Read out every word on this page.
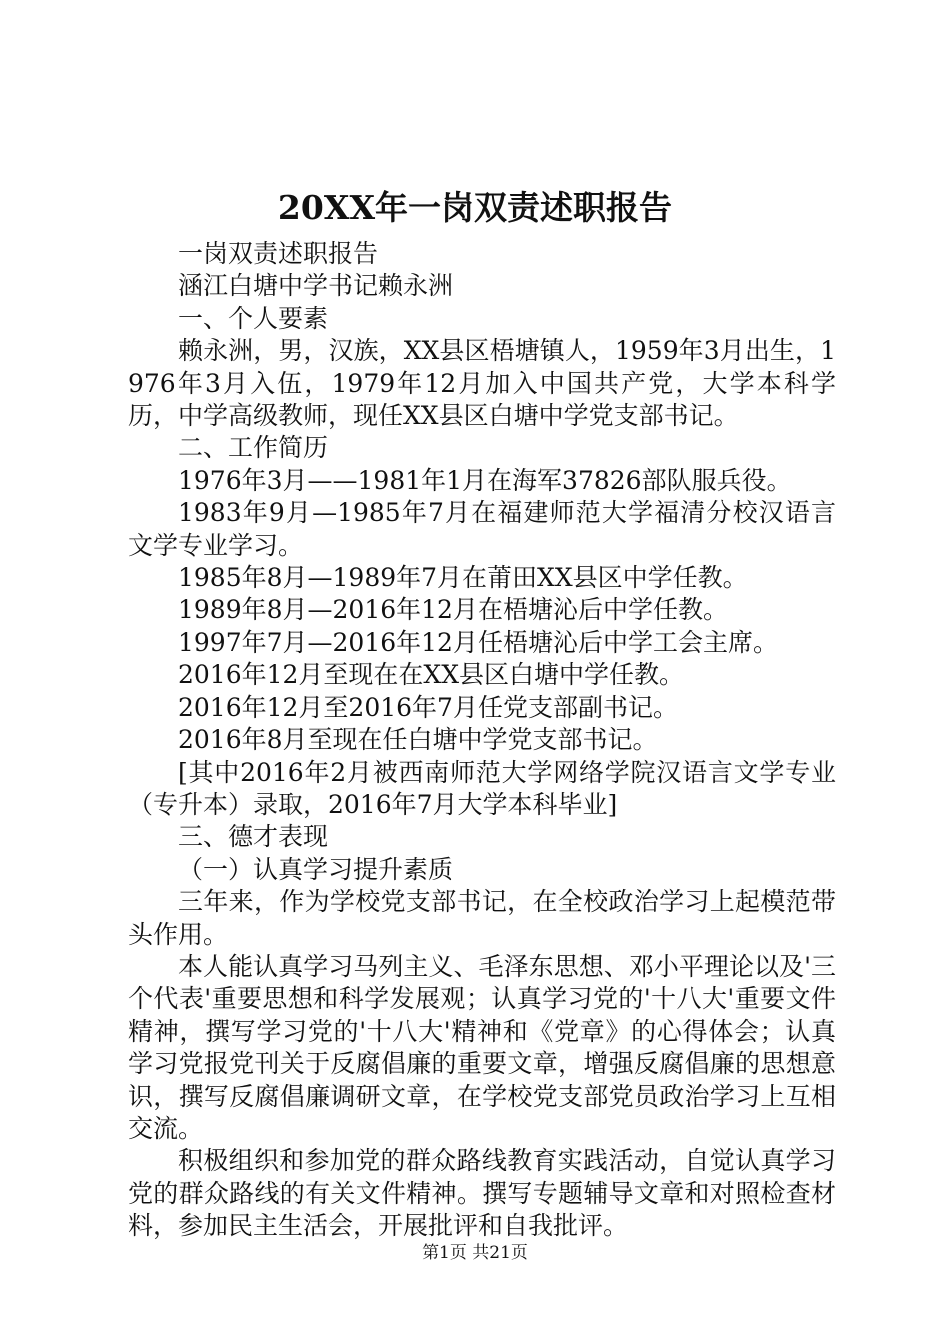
20XX年一岗双责述职报告

一岗双责述职报告

涵江白塘中学书记赖永洲

一、个人要素

赖永洲，男，汉族，XX县区梧塘镇人，1959年3月出生，1976年3月入伍，1979年12月加入中国共产党，大学本科学历，中学高级教师，现任XX县区白塘中学党支部书记。

二、工作简历

1976年3月——1981年1月在海军37826部队服兵役。

1983年9月—1985年7月在福建师范大学福清分校汉语言文学专业学习。

1985年8月—1989年7月在莆田XX县区中学任教。

1989年8月—2016年12月在梧塘沁后中学任教。

1997年7月—2016年12月任梧塘沁后中学工会主席。

2016年12月至现在在XX县区白塘中学任教。

2016年12月至2016年7月任党支部副书记。

2016年8月至现在任白塘中学党支部书记。

[其中2016年2月被西南师范大学网络学院汉语言文学专业（专升本）录取，2016年7月大学本科毕业]

三、德才表现

（一）认真学习提升素质

三年来，作为学校党支部书记，在全校政治学习上起模范带头作用。

本人能认真学习马列主义、毛泽东思想、邓小平理论以及'三个代表'重要思想和科学发展观；认真学习党的'十八大'重要文件精神，撰写学习党的'十八大'精神和《党章》的心得体会；认真学习党报党刊关于反腐倡廉的重要文章，增强反腐倡廉的思想意识，撰写反腐倡廉调研文章，在学校党支部党员政治学习上互相交流。

积极组织和参加党的群众路线教育实践活动，自觉认真学习党的群众路线的有关文件精神。撰写专题辅导文章和对照检查材料，参加民主生活会，开展批评和自我批评。

第1页 共21页
